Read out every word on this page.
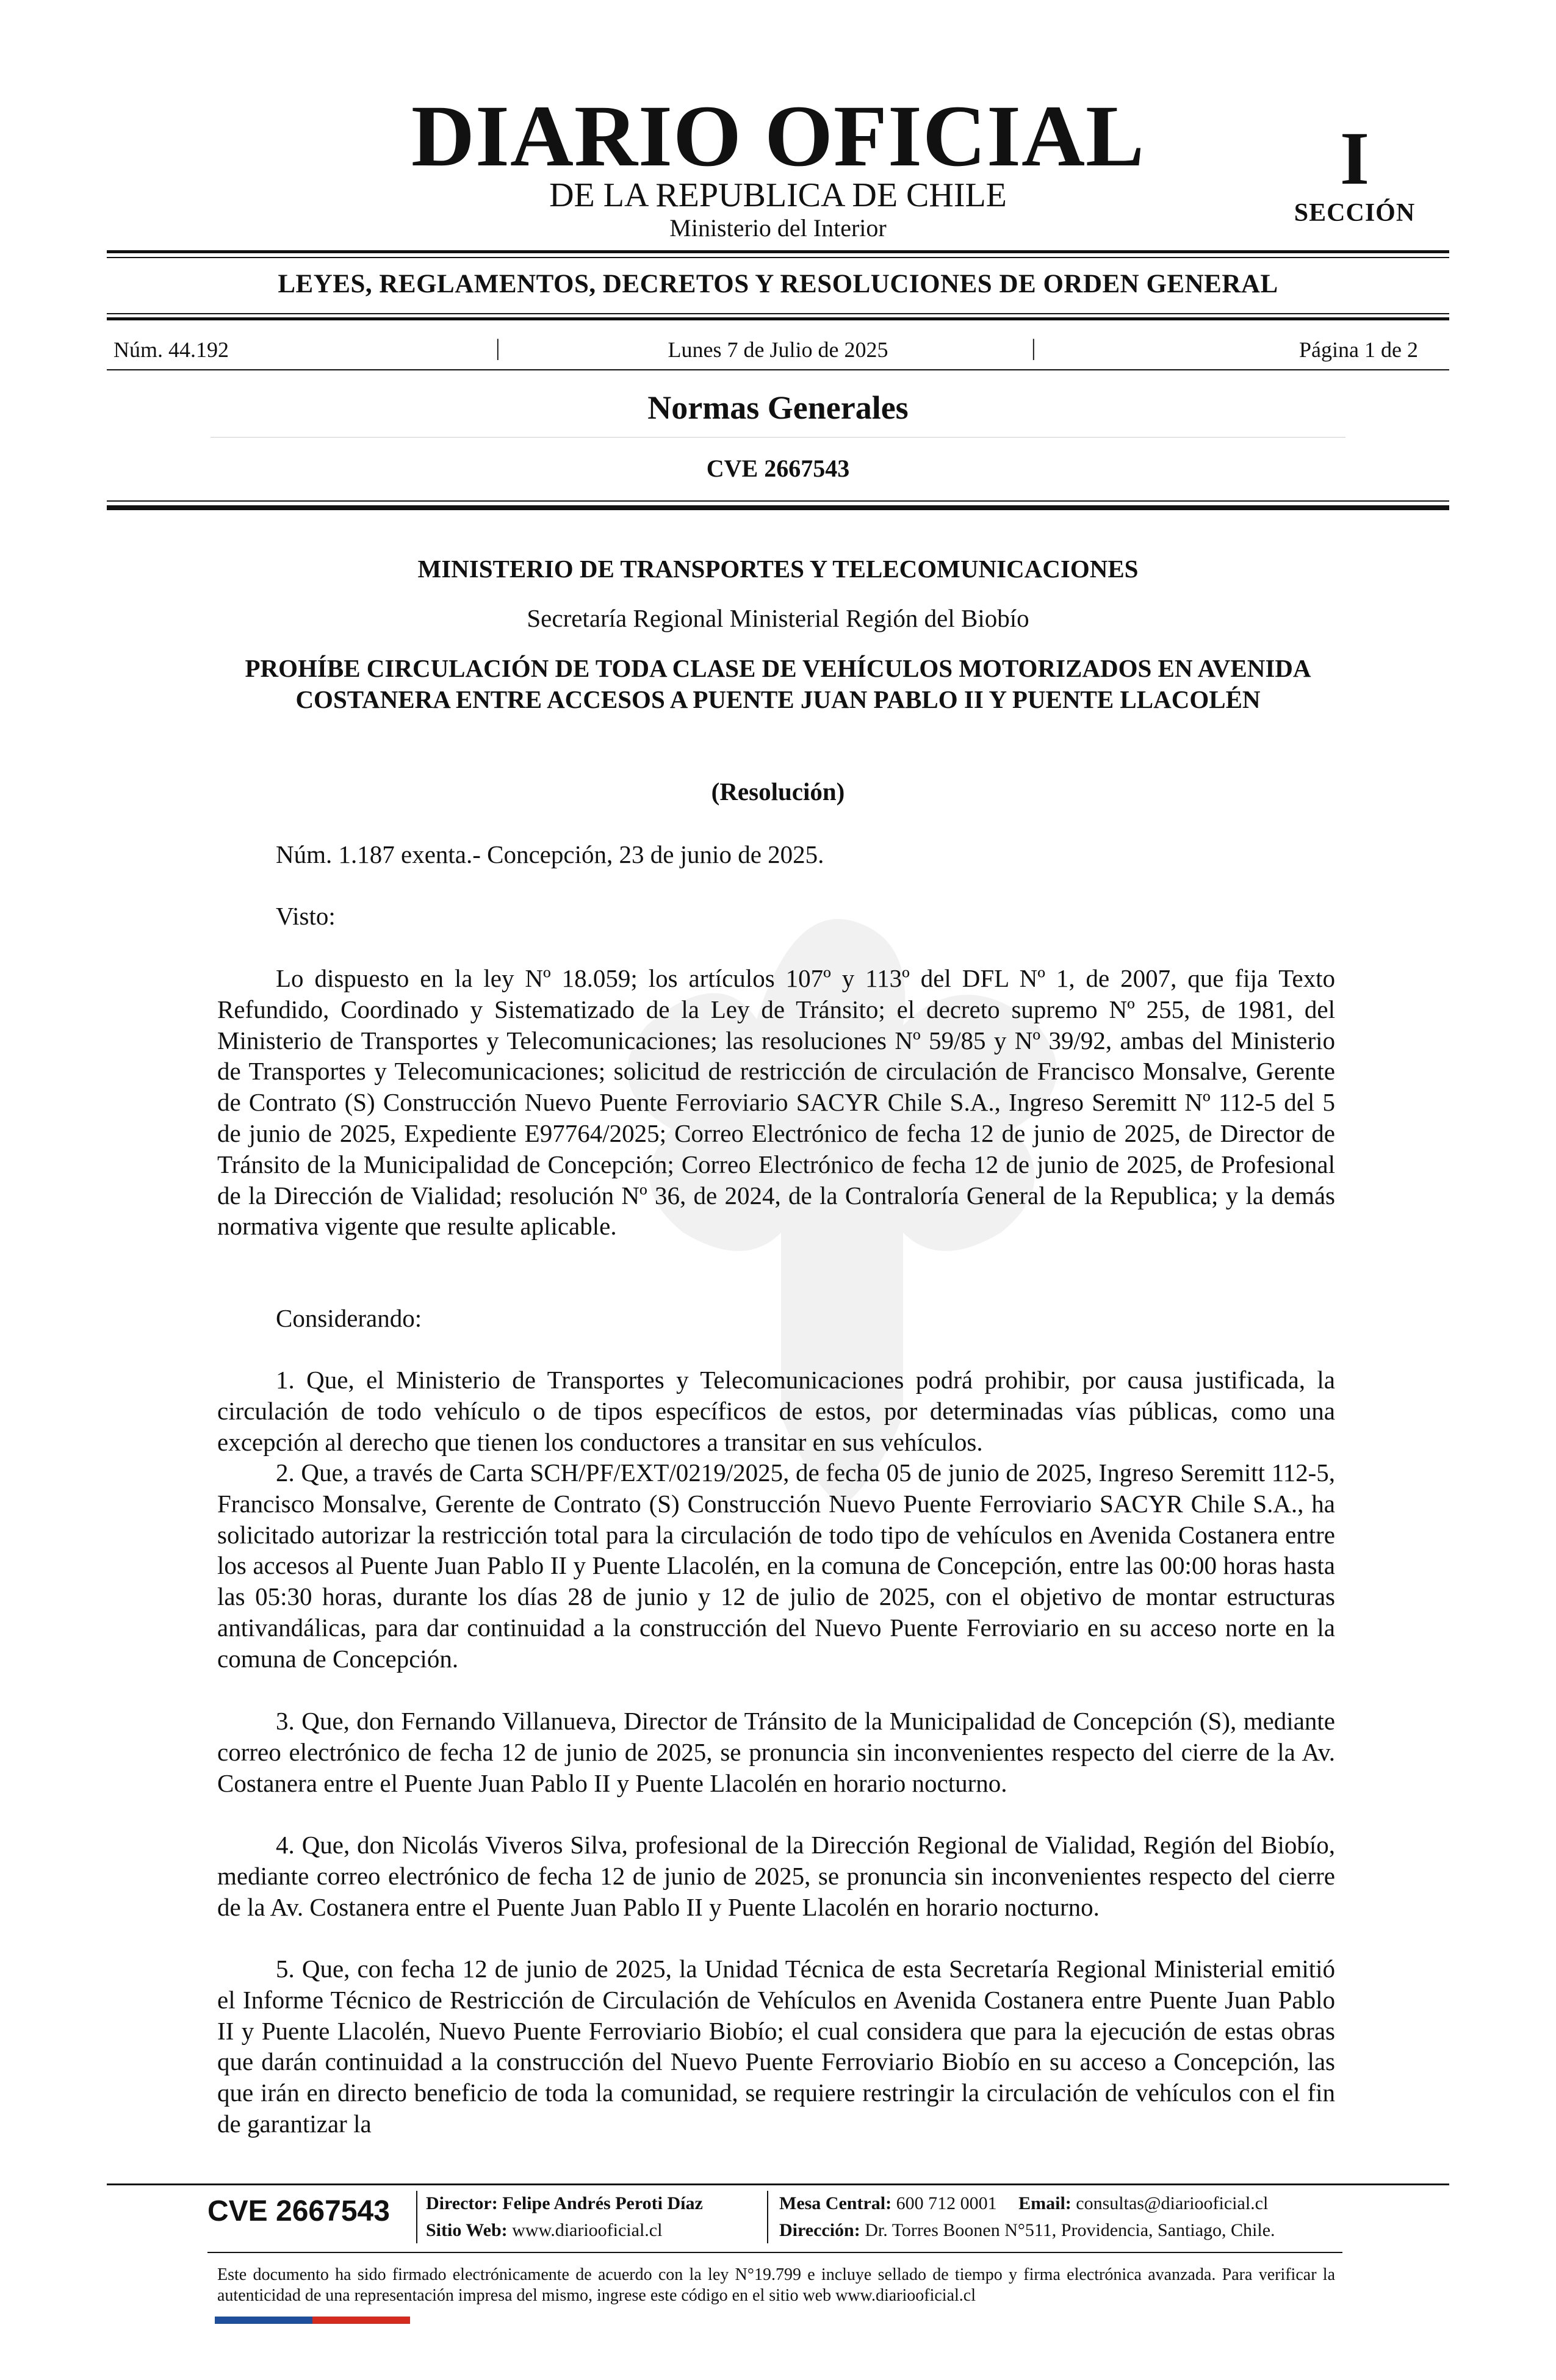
DIARIO OFICIAL
DE LA REPUBLICA DE CHILE
Ministerio del Interior
I
SECCIÓN
LEYES, REGLAMENTOS, DECRETOS Y RESOLUCIONES DE ORDEN GENERAL
Núm. 44.192	|	Lunes 7 de Julio de 2025	|	Página 1 de 2
Normas Generales
CVE 2667543
MINISTERIO DE TRANSPORTES Y TELECOMUNICACIONES
Secretaría Regional Ministerial Región del Biobío

PROHÍBE CIRCULACIÓN DE TODA CLASE DE VEHÍCULOS MOTORIZADOS EN AVENIDA COSTANERA ENTRE ACCESOS A PUENTE JUAN PABLO II Y PUENTE LLACOLÉN

(Resolución)

Núm. 1.187 exenta.- Concepción, 23 de junio de 2025.

Visto:

Lo dispuesto en la ley Nº 18.059; los artículos 107º y 113º del DFL Nº 1, de 2007, que fija Texto Refundido, Coordinado y Sistematizado de la Ley de Tránsito; el decreto supremo Nº 255, de 1981, del Ministerio de Transportes y Telecomunicaciones; las resoluciones Nº 59/85 y Nº 39/92, ambas del Ministerio de Transportes y Telecomunicaciones; solicitud de restricción de circulación de Francisco Monsalve, Gerente de Contrato (S) Construcción Nuevo Puente Ferroviario SACYR Chile S.A., Ingreso Seremitt Nº 112-5 del 5 de junio de 2025, Expediente E97764/2025; Correo Electrónico de fecha 12 de junio de 2025, de Director de Tránsito de la Municipalidad de Concepción; Correo Electrónico de fecha 12 de junio de 2025, de Profesional de la Dirección de Vialidad; resolución Nº 36, de 2024, de la Contraloría General de la Republica; y la demás normativa vigente que resulte aplicable.

Considerando:

1. Que, el Ministerio de Transportes y Telecomunicaciones podrá prohibir, por causa justificada, la circulación de todo vehículo o de tipos específicos de estos, por determinadas vías públicas, como una excepción al derecho que tienen los conductores a transitar en sus vehículos.

2. Que, a través de Carta SCH/PF/EXT/0219/2025, de fecha 05 de junio de 2025, Ingreso Seremitt 112-5, Francisco Monsalve, Gerente de Contrato (S) Construcción Nuevo Puente Ferroviario SACYR Chile S.A., ha solicitado autorizar la restricción total para la circulación de todo tipo de vehículos en Avenida Costanera entre los accesos al Puente Juan Pablo II y Puente Llacolén, en la comuna de Concepción, entre las 00:00 horas hasta las 05:30 horas, durante los días 28 de junio y 12 de julio de 2025, con el objetivo de montar estructuras antivandálicas, para dar continuidad a la construcción del Nuevo Puente Ferroviario en su acceso norte en la comuna de Concepción.

3. Que, don Fernando Villanueva, Director de Tránsito de la Municipalidad de Concepción (S), mediante correo electrónico de fecha 12 de junio de 2025, se pronuncia sin inconvenientes respecto del cierre de la Av. Costanera entre el Puente Juan Pablo II y Puente Llacolén en horario nocturno.

4. Que, don Nicolás Viveros Silva, profesional de la Dirección Regional de Vialidad, Región del Biobío, mediante correo electrónico de fecha 12 de junio de 2025, se pronuncia sin inconvenientes respecto del cierre de la Av. Costanera entre el Puente Juan Pablo II y Puente Llacolén en horario nocturno.

5. Que, con fecha 12 de junio de 2025, la Unidad Técnica de esta Secretaría Regional Ministerial emitió el Informe Técnico de Restricción de Circulación de Vehículos en Avenida Costanera entre Puente Juan Pablo II y Puente Llacolén, Nuevo Puente Ferroviario Biobío; el cual considera que para la ejecución de estas obras que darán continuidad a la construcción del Nuevo Puente Ferroviario Biobío en su acceso a Concepción, las que irán en directo beneficio de toda la comunidad, se requiere restringir la circulación de vehículos con el fin de garantizar la

CVE 2667543 Director: Felipe Andrés Peroti Díaz
Sitio Web: www.diariooficial.cl
Mesa Central: 600 712 0001 Email: consultas@diariooficial.cl
Dirección: Dr. Torres Boonen N°511, Providencia, Santiago, Chile.

Este documento ha sido firmado electrónicamente de acuerdo con la ley N°19.799 e incluye sellado de tiempo y firma electrónica avanzada. Para verificar la autenticidad de una representación impresa del mismo, ingrese este código en el sitio web www.diariooficial.cl
